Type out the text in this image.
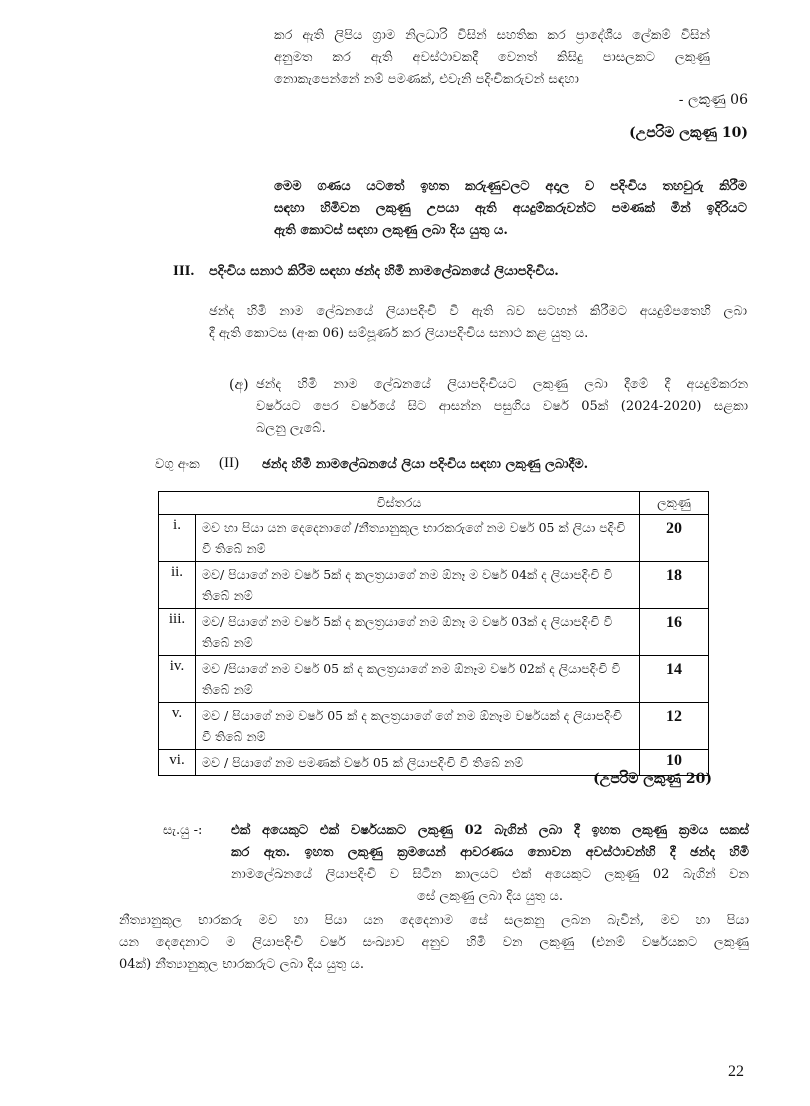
කර ඇති ලිපිය ග්‍රාම නිලධාරි විසින් සහතික කර ප්‍රාදේශීය ලේකම් විසින්
අනුමත කර ඇති අවස්ථාවකදී වෙනත් කිසිදු පාසලකට ලකුණු
නොකැපෙන්නේ නම් පමණක්, එවැනි පදිංචිකරුවන් සඳහා
- ලකුණු 06
(උපරිම ලකුණු 10)
මෙම ගණය යටතේ ඉහත කරුණුවලට අදාල ව පදිංචිය තහවුරු කිරීම
සඳහා හිමිවන ලකුණු උපයා ඇති අයදුම්කරුවන්ට පමණක් මින් ඉදිරියට
ඇති කොටස් සඳහා ලකුණු ලබා දිය යුතු ය.
III. පදිංචිය සනාථ කිරීම සඳහා ඡන්ද හිමි නාමලේඛනයේ ලියාපදිංචිය.
ඡන්ද හිමි නාම ලේඛනයේ ලියාපදිංචි වී ඇති බව සටහන් කිරීමට අයදුම්පතෙහි ලබා
දී ඇති කොටස (අංක 06) සම්පූර්ණ කර ලියාපදිංචිය සනාථ කළ යුතු ය.
(අ) ඡන්ද හිමි නාම ලේඛනයේ ලියාපදිංචියට ලකුණු ලබා දීමේ දී අයදුම්කරන
වර්ෂයට පෙර වර්ෂයේ සිට ආසන්න පසුගිය වර්ෂ 05ක් (2024-2020) සළකා
බලනු ලැබේ.
වගු අංක (II) ඡන්ද හිමි නාමලේඛනයේ ලියා පදිංචිය සඳහා ලකුණු ලබාදීම.
විස්තරය		ලකුණු
i.	මව හා පියා යන දෙදෙනාගේ /නීත්‍යානුකූල භාරකරුගේ නම වර්ෂ 05 ක් ලියා පදිංචි වී තිබේ නම්	20
ii.	මව/ පියාගේ නම වර්ෂ 5ක් ද කලත්‍රයාගේ නම ඕනෑ ම වර්ෂ 04ක් ද ලියාපදිංචි වී තිබේ නම්	18
iii.	මව/ පියාගේ නම වර්ෂ 5ක් ද කලත්‍රයාගේ නම ඕනෑ ම වර්ෂ 03ක් ද ලියාපදිංචි වී තිබේ නම්	16
iv.	මව /පියාගේ නම වර්ෂ 05 ක් ද කලත්‍රයාගේ නම ඕනෑම වර්ෂ 02ක් ද ලියාපදිංචි වී තිබේ නම්	14
v.	මව / පියාගේ නම වර්ෂ 05 ක් ද කලත්‍රයාගේ ගේ නම ඕනෑම වර්ෂයක් ද ලියාපදිංචි වී තිබේ නම්	12
vi.	මව / පියාගේ නම පමණක් වර්ෂ 05 ක් ලියාපදිංචි වී තිබේ නම්	10
(උපරිම ලකුණු 20)
සැ.යු -: එක් අයෙකුට එක් වර්ෂයකට ලකුණු 02 බැගින් ලබා දී ඉහත ලකුණු ක්‍රමය සකස්
කර ඇත. ඉහත ලකුණු ක්‍රමයෙන් ආවරණය නොවන අවස්ථාවන්හි දී ඡන්ද හිමි
නාමලේඛනයේ ලියාපදිංචි ව සිටින කාලයට එක් අයෙකුට ලකුණු 02 බැගින් වන
සේ ලකුණු ලබා දිය යුතු ය.
නීත්‍යානුකූල භාරකරු මව හා පියා යන දෙදෙනාම සේ සලකනු ලබන බැවින්, මව හා පියා
යන දෙදෙනාට ම ලියාපදිංචි වර්ෂ සංඛ්‍යාව අනුව හිමි වන ලකුණු (එනම් වර්ෂයකට ලකුණු
04ක්) නීත්‍යානුකූල භාරකරුට ලබා දිය යුතු ය.
22
